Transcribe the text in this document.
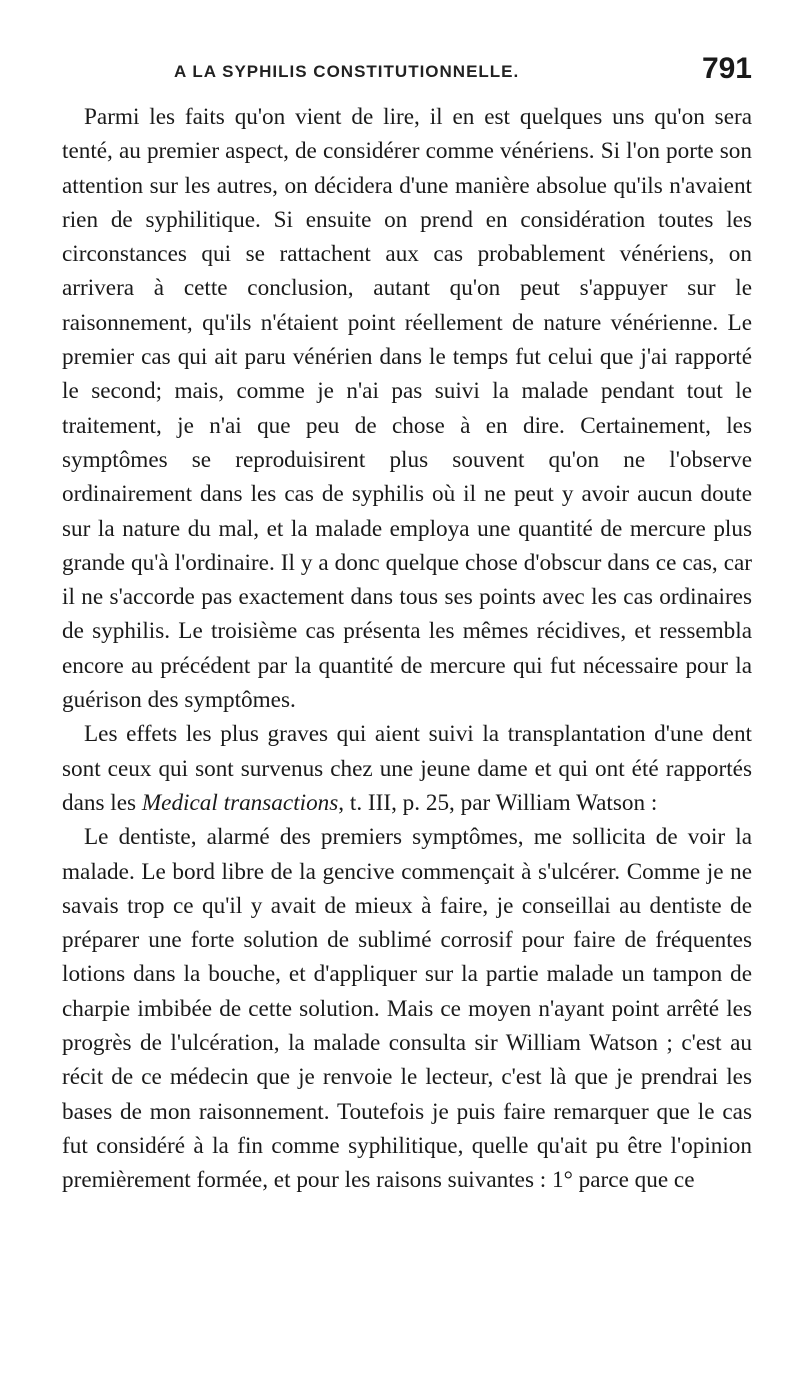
A LA SYPHILIS CONSTITUTIONNELLE.	791

Parmi les faits qu'on vient de lire, il en est quelques uns qu'on sera tenté, au premier aspect, de considérer comme vénériens. Si l'on porte son attention sur les autres, on décidera d'une manière absolue qu'ils n'avaient rien de syphilitique. Si ensuite on prend en considération toutes les circonstances qui se rattachent aux cas probablement vénériens, on arrivera à cette conclusion, autant qu'on peut s'appuyer sur le raisonnement, qu'ils n'étaient point réellement de nature vénérienne. Le premier cas qui ait paru vénérien dans le temps fut celui que j'ai rapporté le second; mais, comme je n'ai pas suivi la malade pendant tout le traitement, je n'ai que peu de chose à en dire. Certainement, les symptômes se reproduisirent plus souvent qu'on ne l'observe ordinairement dans les cas de syphilis où il ne peut y avoir aucun doute sur la nature du mal, et la malade employa une quantité de mercure plus grande qu'à l'ordinaire. Il y a donc quelque chose d'obscur dans ce cas, car il ne s'accorde pas exactement dans tous ses points avec les cas ordinaires de syphilis. Le troisième cas présenta les mêmes récidives, et ressembla encore au précédent par la quantité de mercure qui fut nécessaire pour la guérison des symptômes.

Les effets les plus graves qui aient suivi la transplantation d'une dent sont ceux qui sont survenus chez une jeune dame et qui ont été rapportés dans les Medical transactions, t. III, p. 25, par William Watson :

Le dentiste, alarmé des premiers symptômes, me sollicita de voir la malade. Le bord libre de la gencive commençait à s'ulcérer. Comme je ne savais trop ce qu'il y avait de mieux à faire, je conseillai au dentiste de préparer une forte solution de sublimé corrosif pour faire de fréquentes lotions dans la bouche, et d'appliquer sur la partie malade un tampon de charpie imbibée de cette solution. Mais ce moyen n'ayant point arrêté les progrès de l'ulcération, la malade consulta sir William Watson ; c'est au récit de ce médecin que je renvoie le lecteur, c'est là que je prendrai les bases de mon raisonnement. Toutefois je puis faire remarquer que le cas fut considéré à la fin comme syphilitique, quelle qu'ait pu être l'opinion premièrement formée, et pour les raisons suivantes : 1° parce que ce
